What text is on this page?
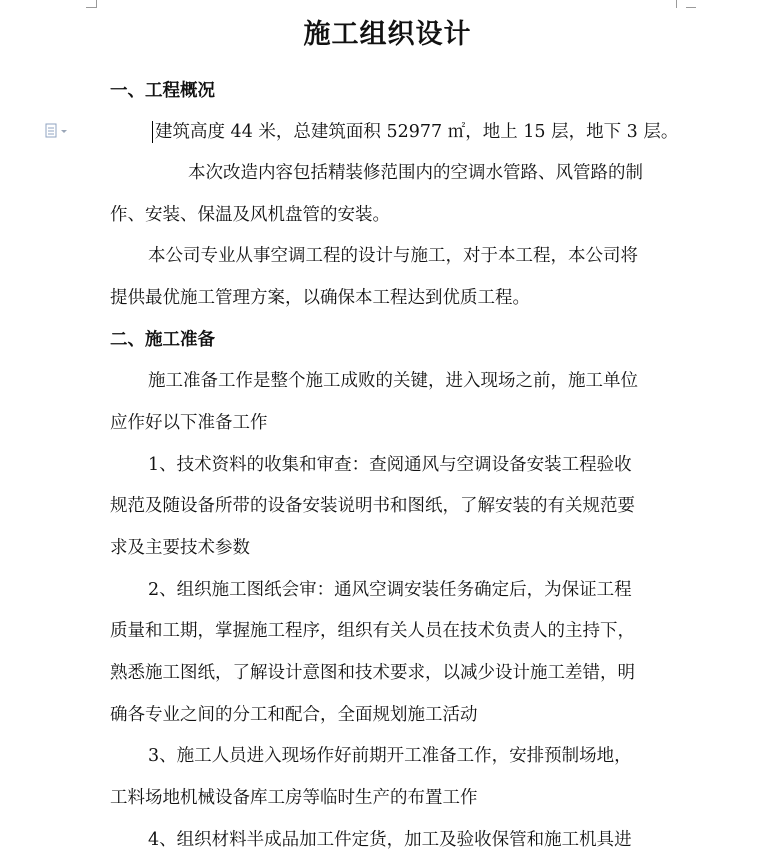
施工组织设计
一、工程概况
建筑高度 44 米，总建筑面积 52977 ㎡，地上 15 层，地下 3 层。
本次改造内容包括精装修范围内的空调水管路、风管路的制
作、安装、保温及风机盘管的安装。
本公司专业从事空调工程的设计与施工，对于本工程，本公司将
提供最优施工管理方案，以确保本工程达到优质工程。
二、施工准备
施工准备工作是整个施工成败的关键，进入现场之前，施工单位
应作好以下准备工作
1、技术资料的收集和审查：查阅通风与空调设备安装工程验收
规范及随设备所带的设备安装说明书和图纸，了解安装的有关规范要
求及主要技术参数
2、组织施工图纸会审：通风空调安装任务确定后，为保证工程
质量和工期，掌握施工程序，组织有关人员在技术负责人的主持下，
熟悉施工图纸，了解设计意图和技术要求，以减少设计施工差错，明
确各专业之间的分工和配合，全面规划施工活动
3、施工人员进入现场作好前期开工准备工作，安排预制场地，
工料场地机械设备库工房等临时生产的布置工作
4、组织材料半成品加工件定货，加工及验收保管和施工机具进
